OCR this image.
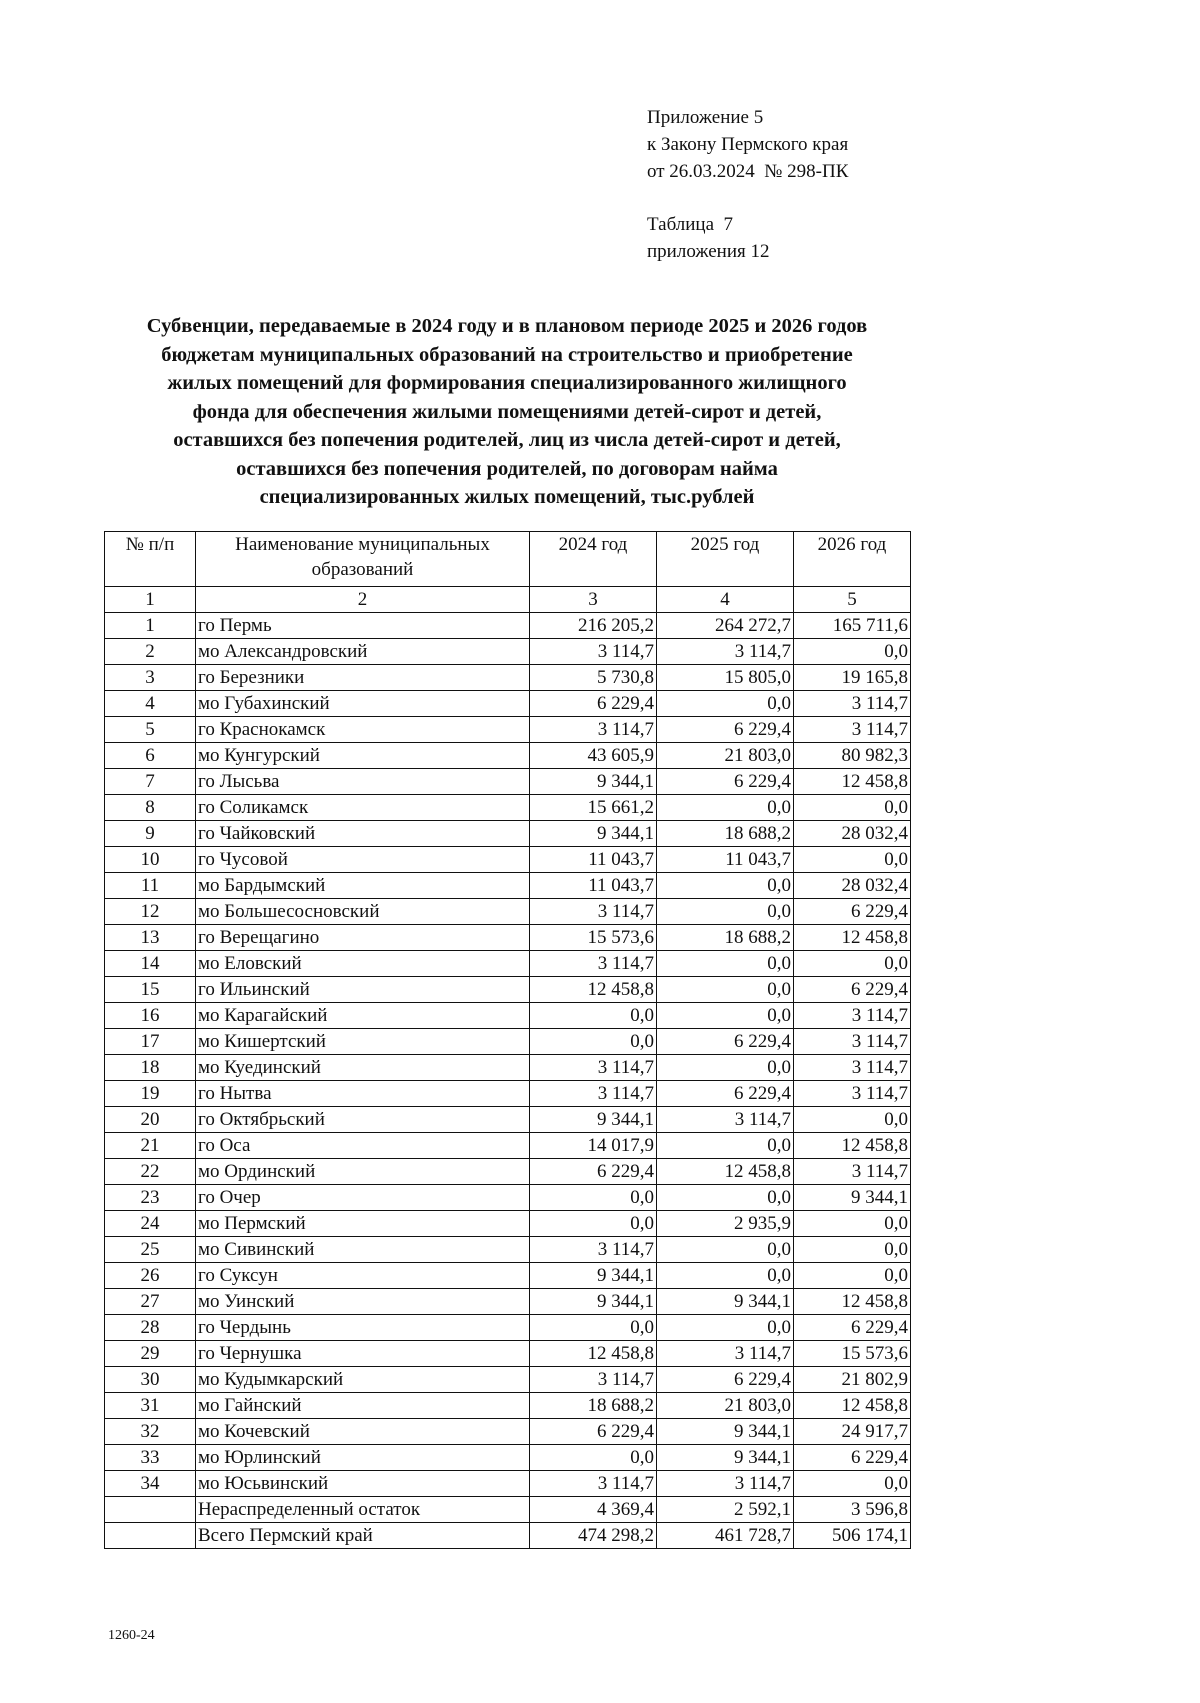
Приложение 5
к Закону Пермского края
от 26.03.2024  № 298-ПК
Таблица  7
приложения 12
Субвенции, передаваемые в 2024 году и в плановом периоде 2025 и 2026 годов
бюджетам муниципальных образований на строительство и приобретение
жилых помещений для формирования специализированного жилищного
фонда для обеспечения жилыми помещениями детей-сирот и детей,
оставшихся без попечения родителей, лиц из числа детей-сирот и детей,
оставшихся без попечения родителей, по договорам найма
специализированных жилых помещений, тыс.рублей
№ п/п	Наименование муниципальных образований	2024 год	2025 год	2026 год
1	2	3	4	5
1	го Пермь	216 205,2	264 272,7	165 711,6
2	мо Александровский	3 114,7	3 114,7	0,0
3	го Березники	5 730,8	15 805,0	19 165,8
4	мо Губахинский	6 229,4	0,0	3 114,7
5	го Краснокамск	3 114,7	6 229,4	3 114,7
6	мо Кунгурский	43 605,9	21 803,0	80 982,3
7	го Лысьва	9 344,1	6 229,4	12 458,8
8	го Соликамск	15 661,2	0,0	0,0
9	го Чайковский	9 344,1	18 688,2	28 032,4
10	го Чусовой	11 043,7	11 043,7	0,0
11	мо Бардымский	11 043,7	0,0	28 032,4
12	мо Большесосновский	3 114,7	0,0	6 229,4
13	го Верещагино	15 573,6	18 688,2	12 458,8
14	мо Еловский	3 114,7	0,0	0,0
15	го Ильинский	12 458,8	0,0	6 229,4
16	мо Карагайский	0,0	0,0	3 114,7
17	мо Кишертский	0,0	6 229,4	3 114,7
18	мо Куединский	3 114,7	0,0	3 114,7
19	го Нытва	3 114,7	6 229,4	3 114,7
20	го Октябрьский	9 344,1	3 114,7	0,0
21	го Оса	14 017,9	0,0	12 458,8
22	мо Ординский	6 229,4	12 458,8	3 114,7
23	го Очер	0,0	0,0	9 344,1
24	мо Пермский	0,0	2 935,9	0,0
25	мо Сивинский	3 114,7	0,0	0,0
26	го Суксун	9 344,1	0,0	0,0
27	мо Уинский	9 344,1	9 344,1	12 458,8
28	го Чердынь	0,0	0,0	6 229,4
29	го Чернушка	12 458,8	3 114,7	15 573,6
30	мо Кудымкарский	3 114,7	6 229,4	21 802,9
31	мо Гайнский	18 688,2	21 803,0	12 458,8
32	мо Кочевский	6 229,4	9 344,1	24 917,7
33	мо Юрлинский	0,0	9 344,1	6 229,4
34	мо Юсьвинский	3 114,7	3 114,7	0,0
	Нераспределенный остаток	4 369,4	2 592,1	3 596,8
	Всего Пермский край	474 298,2	461 728,7	506 174,1
1260-24
